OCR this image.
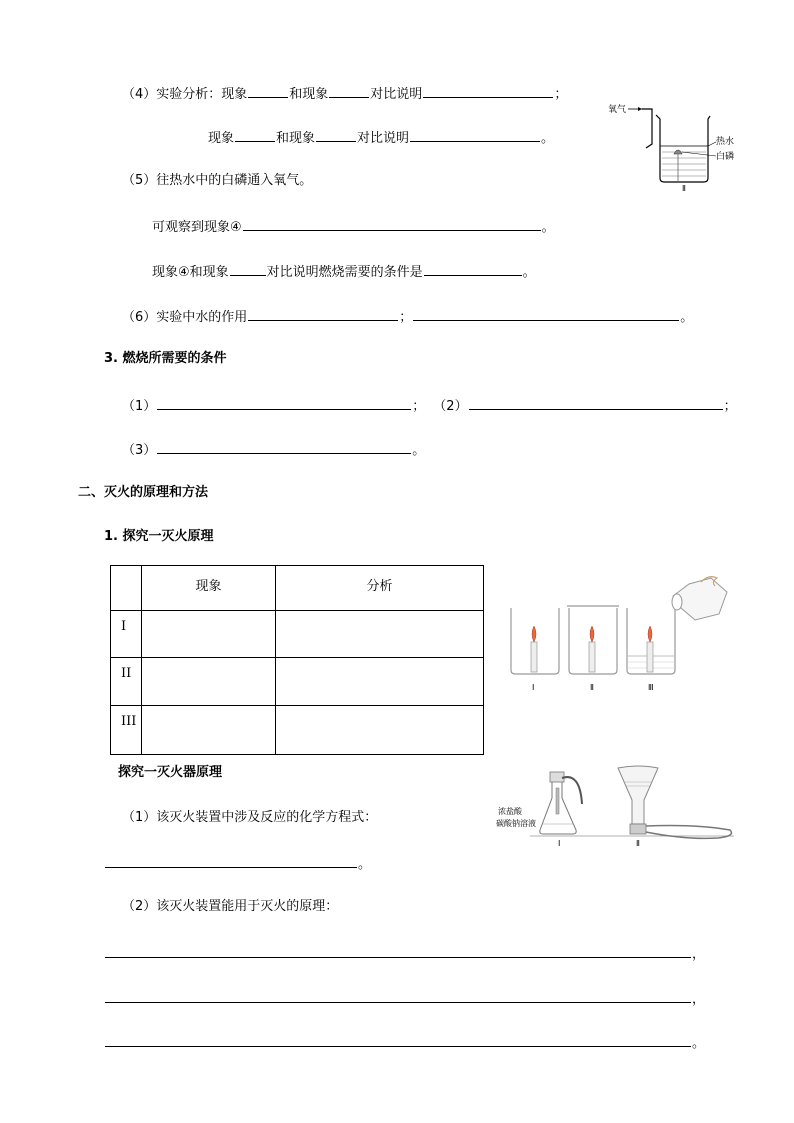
（4）实验分析：现象	和现象	对比说明	；
现象	和现象	对比说明	。
氧气
热水
白磷
Ⅱ
（5）往热水中的白磷通入氧气。
可观察到现象④	。
现象④和现象	对比说明燃烧需要的条件是	。
（6）实验中水的作用	；	。
3. 燃烧所需要的条件
（1）	； （2）	；
（3）	。
二、灭火的原理和方法
1. 探究一灭火原理
	现象	分析
I		
II		
III		
Ⅰ	Ⅱ	Ⅲ
探究一灭火器原理
（1）该灭火装置中涉及反应的化学方程式：
。
（2）该灭火装置能用于灭火的原理：
，
，
。
浓盐酸
碳酸钠溶液
Ⅰ	Ⅱ
